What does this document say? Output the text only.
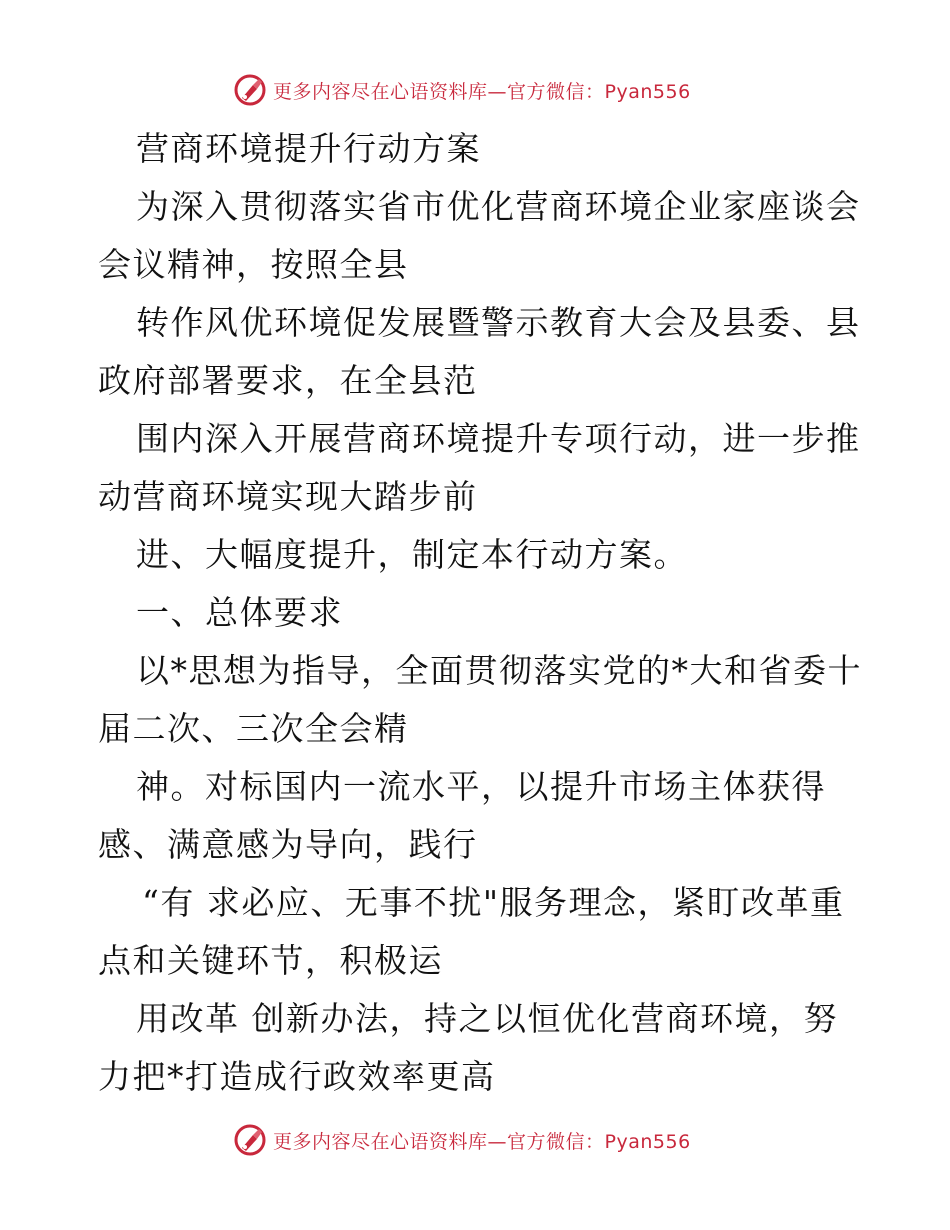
更多内容尽在心语资料库—官方微信：Pyan556
营商环境提升行动方案
为深入贯彻落实省市优化营商环境企业家座谈会
会议精神，按照全县
转作风优环境促发展暨警示教育大会及县委、县
政府部署要求，在全县范
围内深入开展营商环境提升专项行动，进一步推
动营商环境实现大踏步前
进、大幅度提升，制定本行动方案。
一、总体要求
以*思想为指导，全面贯彻落实党的*大和省委十
届二次、三次全会精
神。对标国内一流水平，以提升市场主体获得
感、满意感为导向，践行
“有 求必应、无事不扰"服务理念，紧盯改革重
点和关键环节，积极运
用改革 创新办法，持之以恒优化营商环境，努
力把*打造成行政效率更高
更多内容尽在心语资料库—官方微信：Pyan556
